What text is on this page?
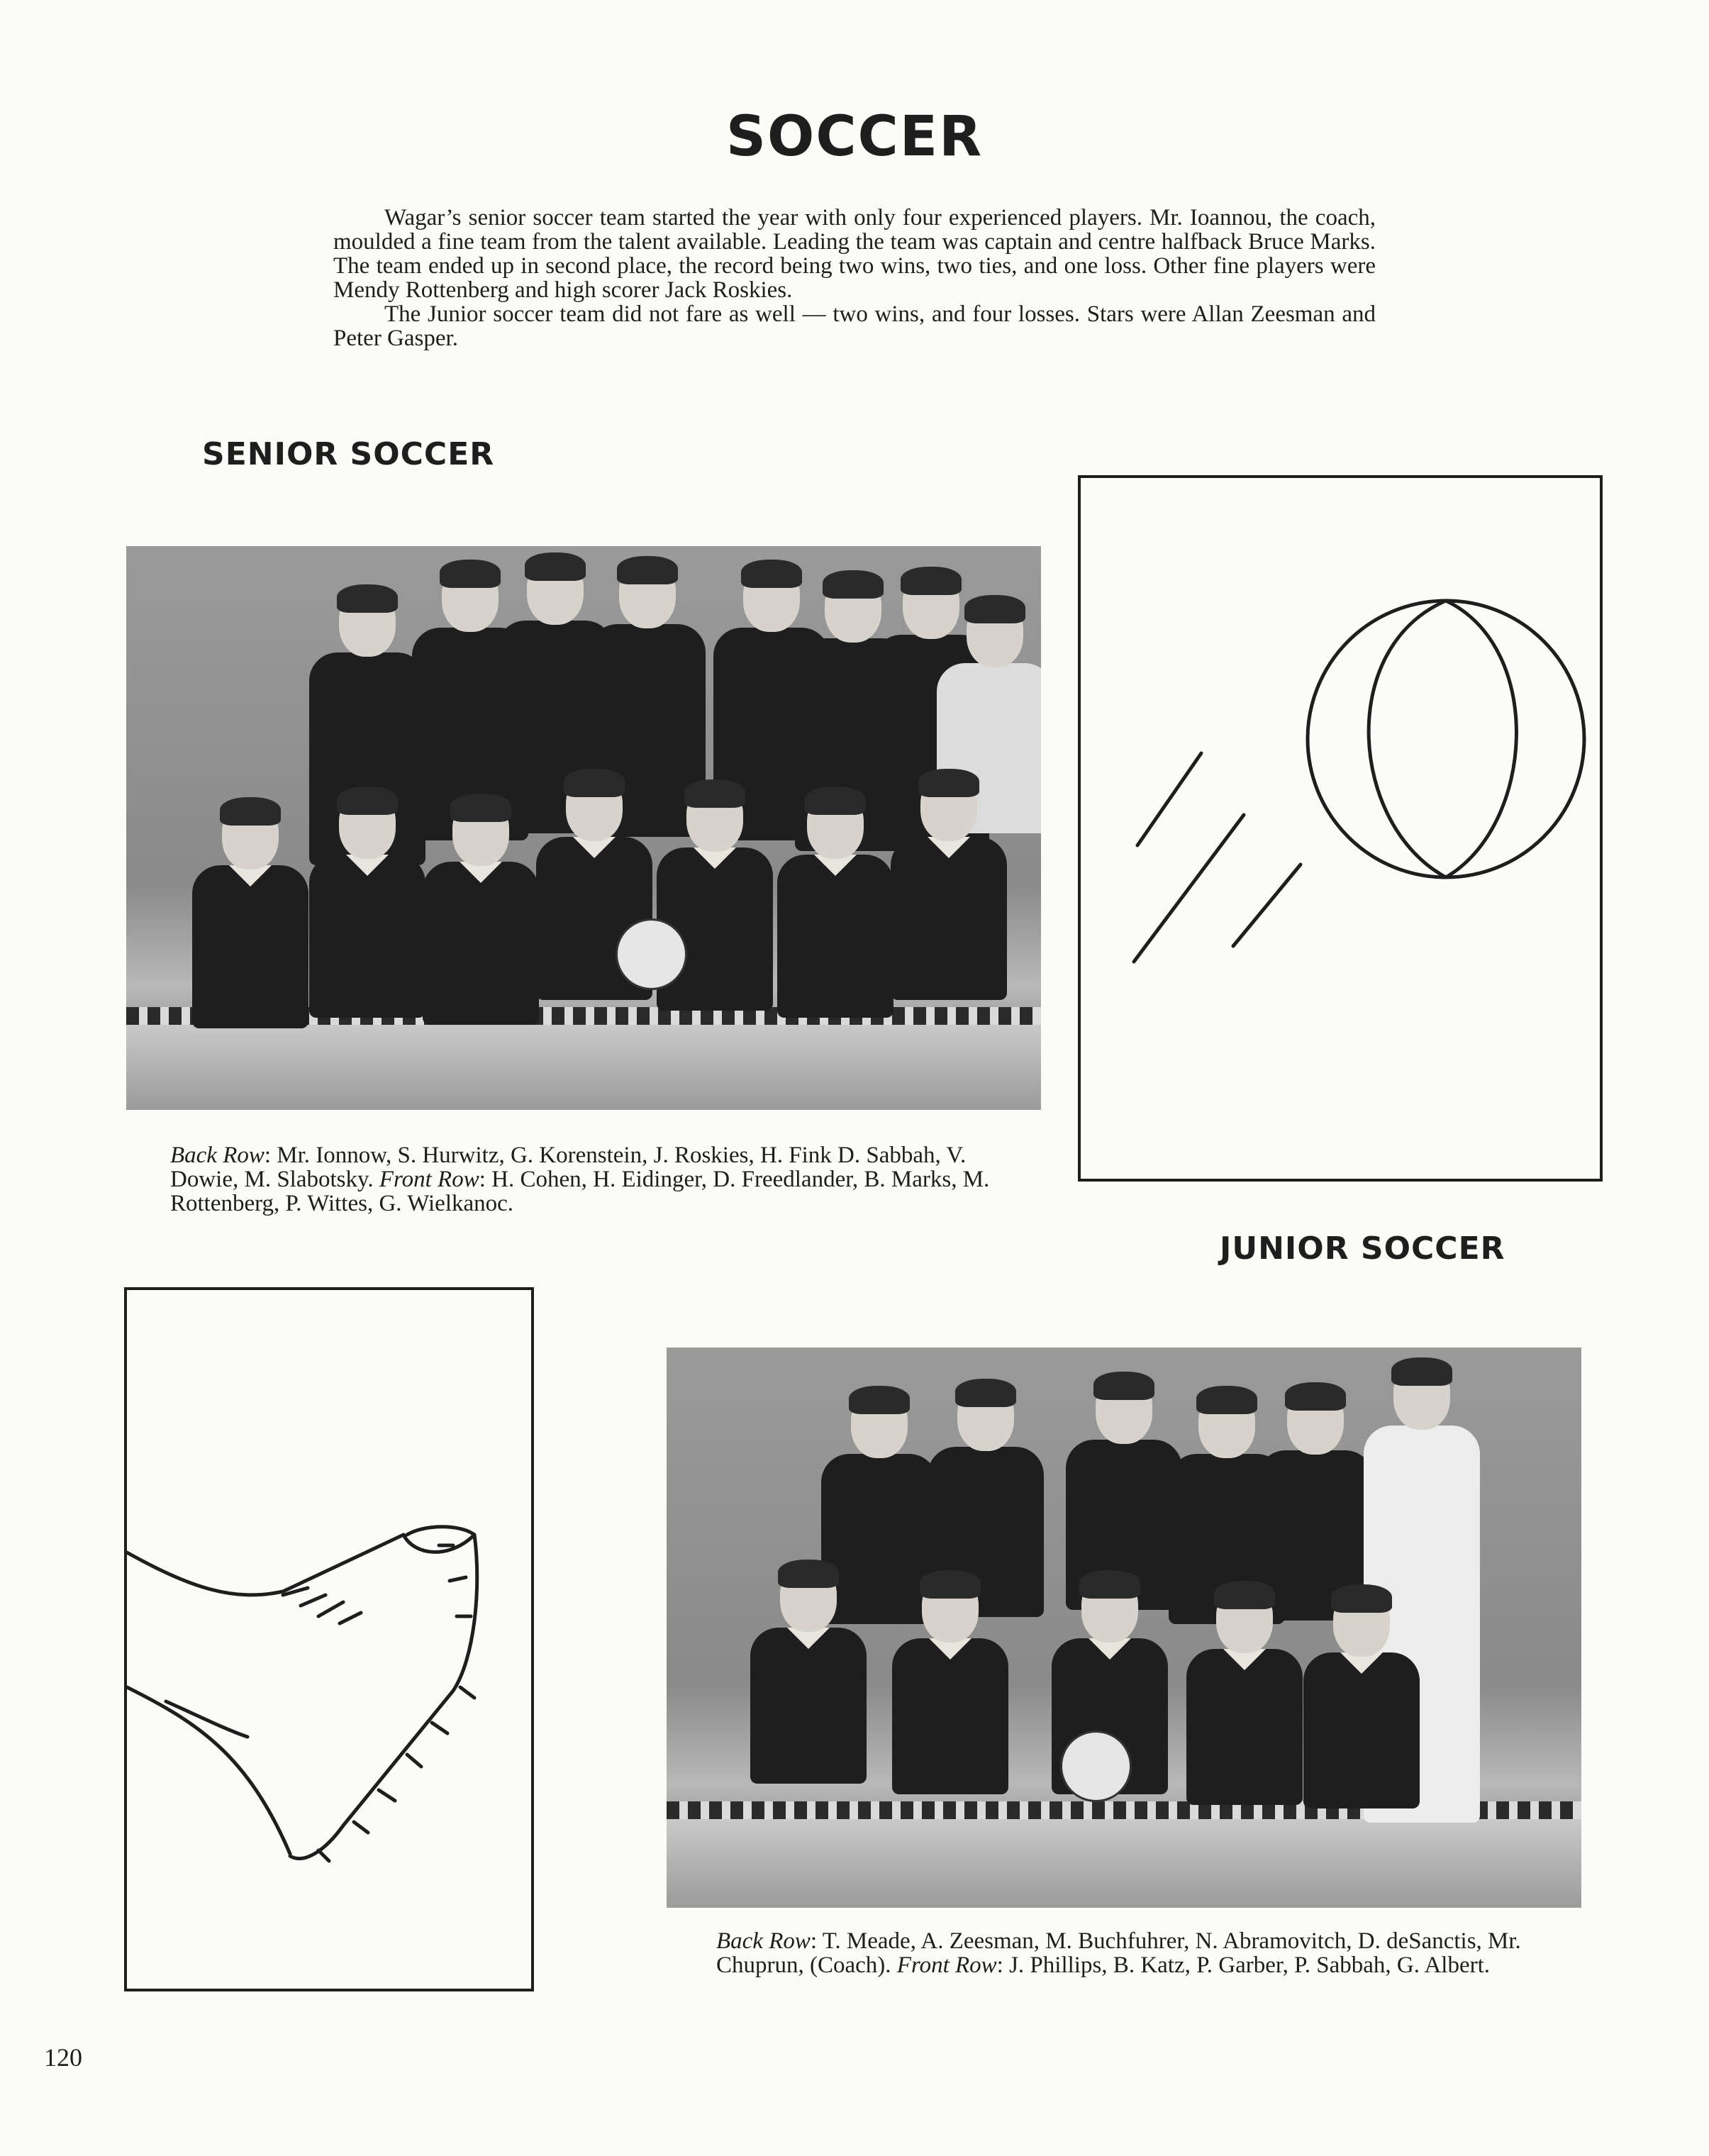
SOCCER

Wagar’s senior soccer team started the year with only four experienced players. Mr. Ioannou, the coach, moulded a fine team from the talent available. Leading the team was captain and centre halfback Bruce Marks. The team ended up in second place, the record being two wins, two ties, and one loss. Other fine players were Mendy Rottenberg and high scorer Jack Roskies.

The Junior soccer team did not fare as well — two wins, and four losses. Stars were Allan Zeesman and Peter Gasper.

SENIOR SOCCER

Back Row: Mr. Ionnow, S. Hurwitz, G. Korenstein, J. Roskies, H. Fink D. Sabbah, V. Dowie, M. Slabotsky. Front Row: H. Cohen, H. Eidinger, D. Freedlander, B. Marks, M. Rottenberg, P. Wittes, G. Wielkanoc.

JUNIOR SOCCER

Back Row: T. Meade, A. Zeesman, M. Buchfuhrer, N. Abramovitch, D. deSanctis, Mr. Chuprun, (Coach). Front Row: J. Phillips, B. Katz, P. Garber, P. Sabbah, G. Albert.

120
